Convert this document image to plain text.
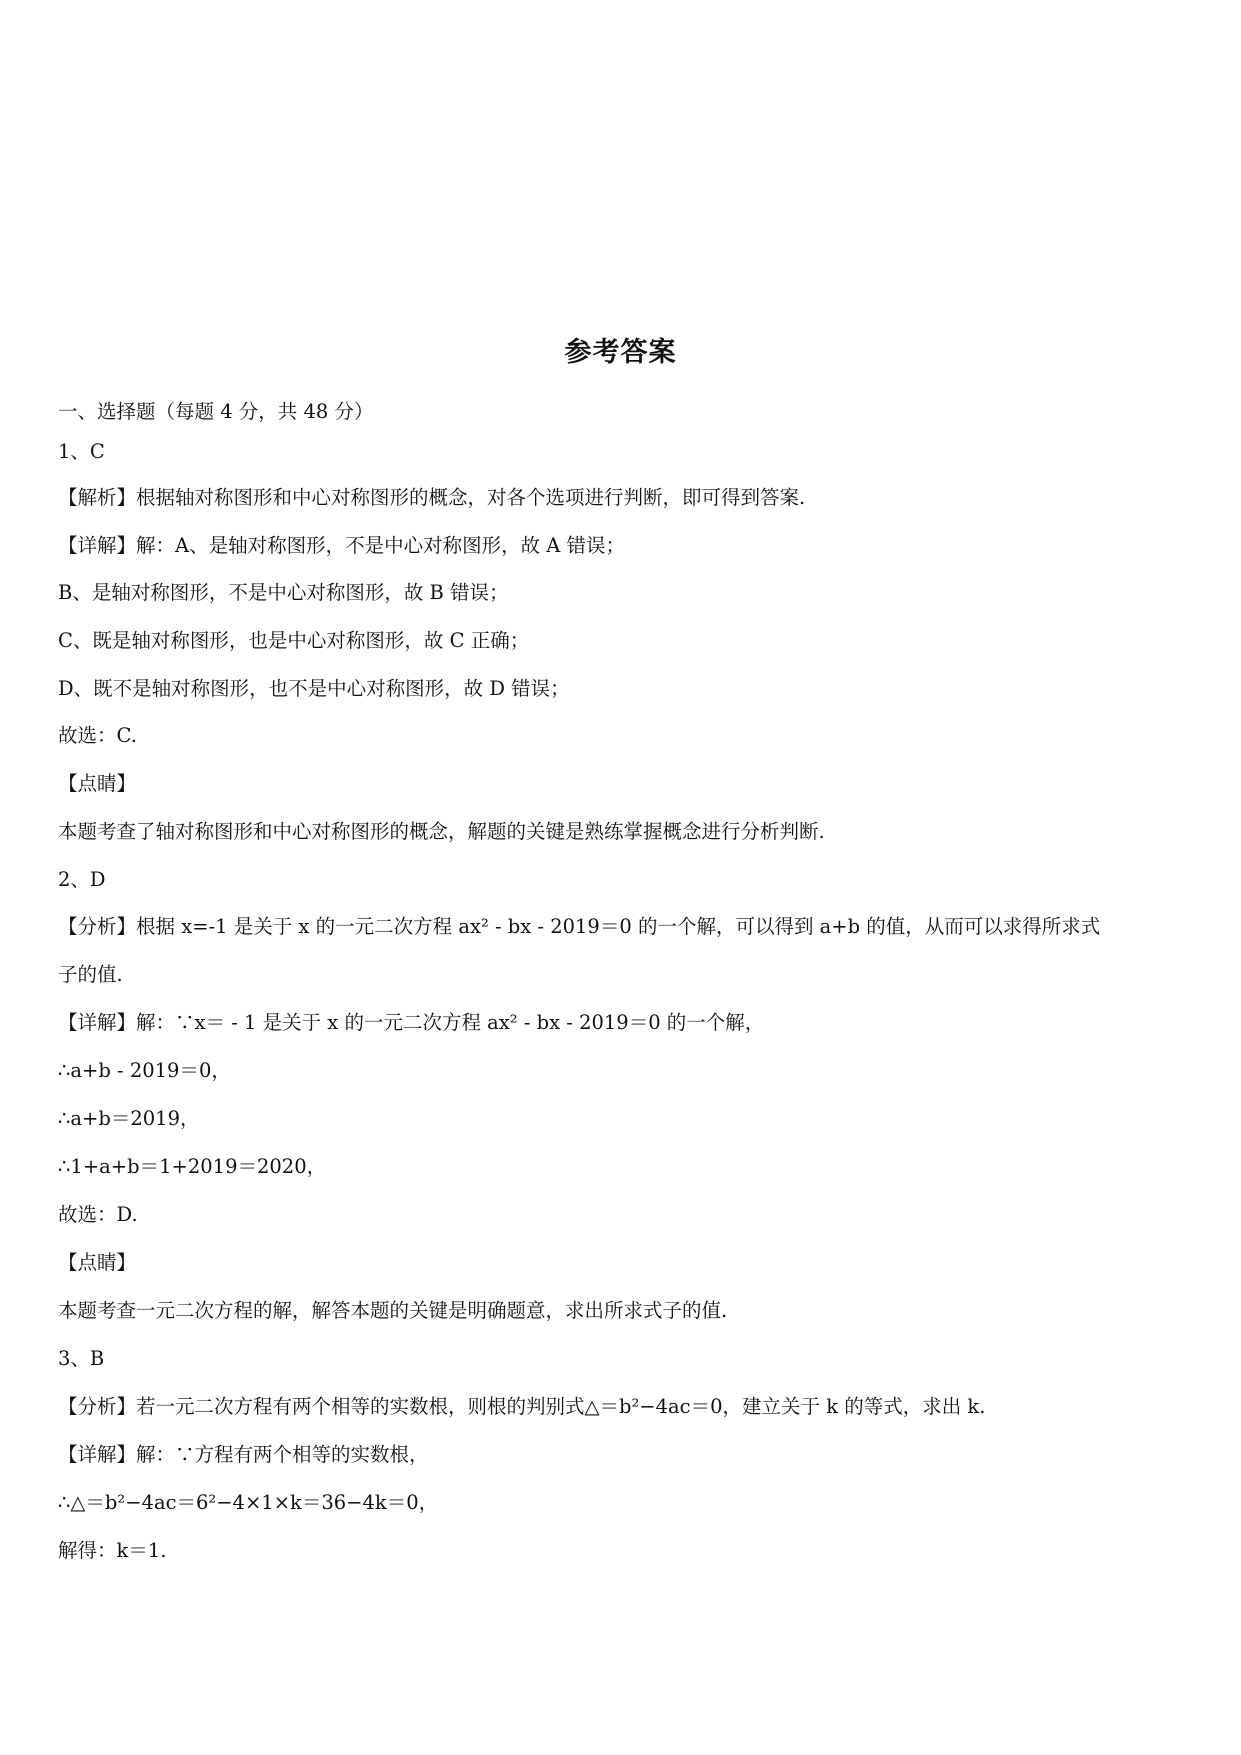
参考答案
一、选择题（每题 4 分，共 48 分）
1、C
【解析】根据轴对称图形和中心对称图形的概念，对各个选项进行判断，即可得到答案.
【详解】解：A、是轴对称图形，不是中心对称图形，故 A 错误；
B、是轴对称图形，不是中心对称图形，故 B 错误；
C、既是轴对称图形，也是中心对称图形，故 C 正确；
D、既不是轴对称图形，也不是中心对称图形，故 D 错误；
故选：C.
【点睛】
本题考查了轴对称图形和中心对称图形的概念，解题的关键是熟练掌握概念进行分析判断.
2、D
【分析】根据 x=-1 是关于 x 的一元二次方程 ax² - bx - 2019＝0 的一个解，可以得到 a+b 的值，从而可以求得所求式
子的值.
【详解】解：∵x＝ - 1 是关于 x 的一元二次方程 ax² - bx - 2019＝0 的一个解，
∴a+b - 2019＝0，
∴a+b＝2019，
∴1+a+b＝1+2019＝2020，
故选：D.
【点睛】
本题考查一元二次方程的解，解答本题的关键是明确题意，求出所求式子的值.
3、B
【分析】若一元二次方程有两个相等的实数根，则根的判别式△＝b²−4ac＝0，建立关于 k 的等式，求出 k.
【详解】解：∵方程有两个相等的实数根，
∴△＝b²−4ac＝6²−4×1×k＝36−4k＝0，
解得：k＝1.
